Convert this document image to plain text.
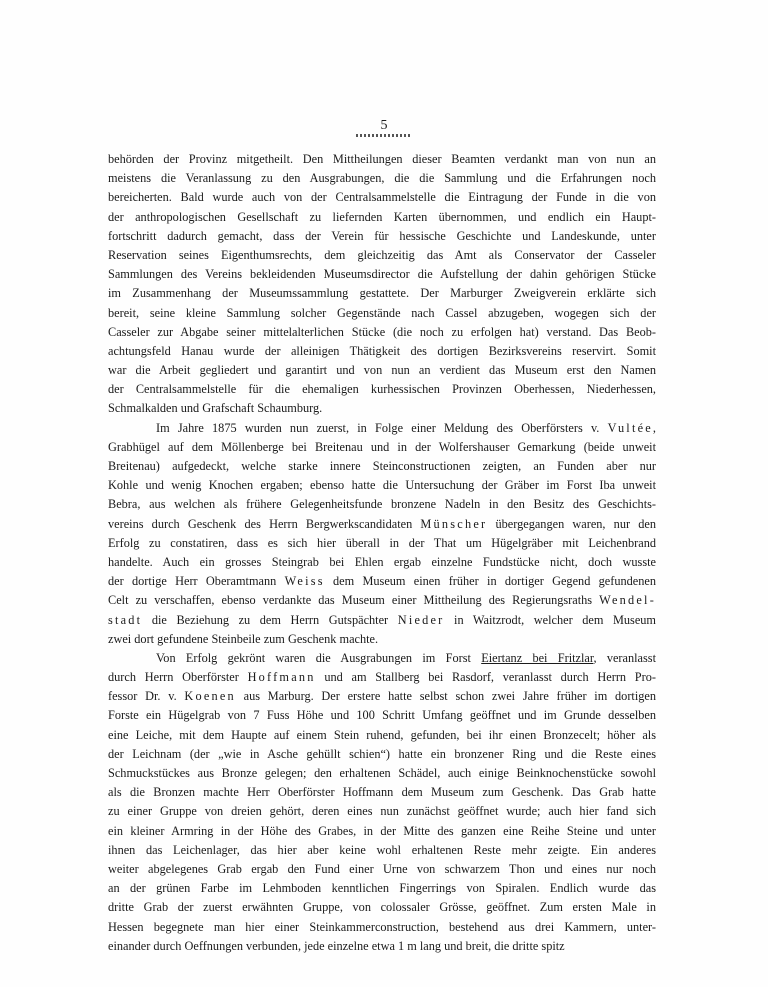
5
behörden der Provinz mitgetheilt. Den Mittheilungen dieser Beamten verdankt man von nun an
meistens die Veranlassung zu den Ausgrabungen, die die Sammlung und die Erfahrungen noch
bereicherten. Bald wurde auch von der Centralsammelstelle die Eintragung der Funde in die von
der anthropologischen Gesellschaft zu liefernden Karten übernommen, und endlich ein Haupt-
fortschritt dadurch gemacht, dass der Verein für hessische Geschichte und Landeskunde, unter
Reservation seines Eigenthumsrechts, dem gleichzeitig das Amt als Conservator der Casseler
Sammlungen des Vereins bekleidenden Museumsdirector die Aufstellung der dahin gehörigen Stücke
im Zusammenhang der Museumssammlung gestattete. Der Marburger Zweigverein erklärte sich
bereit, seine kleine Sammlung solcher Gegenstände nach Cassel abzugeben, wogegen sich der
Casseler zur Abgabe seiner mittelalterlichen Stücke (die noch zu erfolgen hat) verstand. Das Beob-
achtungsfeld Hanau wurde der alleinigen Thätigkeit des dortigen Bezirksvereins reservirt. Somit
war die Arbeit gegliedert und garantirt und von nun an verdient das Museum erst den Namen
der Centralsammelstelle für die ehemaligen kurhessischen Provinzen Oberhessen, Niederhessen,
Schmalkalden und Grafschaft Schaumburg.
Im Jahre 1875 wurden nun zuerst, in Folge einer Meldung des Oberförsters v. Vultée,
Grabhügel auf dem Möllenberge bei Breitenau und in der Wolfershauser Gemarkung (beide unweit
Breitenau) aufgedeckt, welche starke innere Steinconstructionen zeigten, an Funden aber nur
Kohle und wenig Knochen ergaben; ebenso hatte die Untersuchung der Gräber im Forst Iba unweit
Bebra, aus welchen als frühere Gelegenheitsfunde bronzene Nadeln in den Besitz des Geschichts-
vereins durch Geschenk des Herrn Bergwerkscandidaten Münscher übergegangen waren, nur den
Erfolg zu constatiren, dass es sich hier überall in der That um Hügelgräber mit Leichenbrand
handelte. Auch ein grosses Steingrab bei Ehlen ergab einzelne Fundstücke nicht, doch wusste
der dortige Herr Oberamtmann Weiss dem Museum einen früher in dortiger Gegend gefundenen
Celt zu verschaffen, ebenso verdankte das Museum einer Mittheilung des Regierungsraths Wendel-
stadt die Beziehung zu dem Herrn Gutspächter Nieder in Waitzrodt, welcher dem Museum
zwei dort gefundene Steinbeile zum Geschenk machte.
Von Erfolg gekrönt waren die Ausgrabungen im Forst Eiertanz bei Fritzlar, veranlasst
durch Herrn Oberförster Hoffmann und am Stallberg bei Rasdorf, veranlasst durch Herrn Pro-
fessor Dr. v. Koenen aus Marburg. Der erstere hatte selbst schon zwei Jahre früher im dortigen
Forste ein Hügelgrab von 7 Fuss Höhe und 100 Schritt Umfang geöffnet und im Grunde desselben
eine Leiche, mit dem Haupte auf einem Stein ruhend, gefunden, bei ihr einen Bronzecelt; höher als
der Leichnam (der „wie in Asche gehüllt schien“) hatte ein bronzener Ring und die Reste eines
Schmuckstückes aus Bronze gelegen; den erhaltenen Schädel, auch einige Beinknochenstücke sowohl
als die Bronzen machte Herr Oberförster Hoffmann dem Museum zum Geschenk. Das Grab hatte
zu einer Gruppe von dreien gehört, deren eines nun zunächst geöffnet wurde; auch hier fand sich
ein kleiner Armring in der Höhe des Grabes, in der Mitte des ganzen eine Reihe Steine und unter
ihnen das Leichenlager, das hier aber keine wohl erhaltenen Reste mehr zeigte. Ein anderes
weiter abgelegenes Grab ergab den Fund einer Urne von schwarzem Thon und eines nur noch
an der grünen Farbe im Lehmboden kenntlichen Fingerrings von Spiralen. Endlich wurde das
dritte Grab der zuerst erwähnten Gruppe, von colossaler Grösse, geöffnet. Zum ersten Male in
Hessen begegnete man hier einer Steinkammerconstruction, bestehend aus drei Kammern, unter-
einander durch Oeffnungen verbunden, jede einzelne etwa 1 m lang und breit, die dritte spitz
